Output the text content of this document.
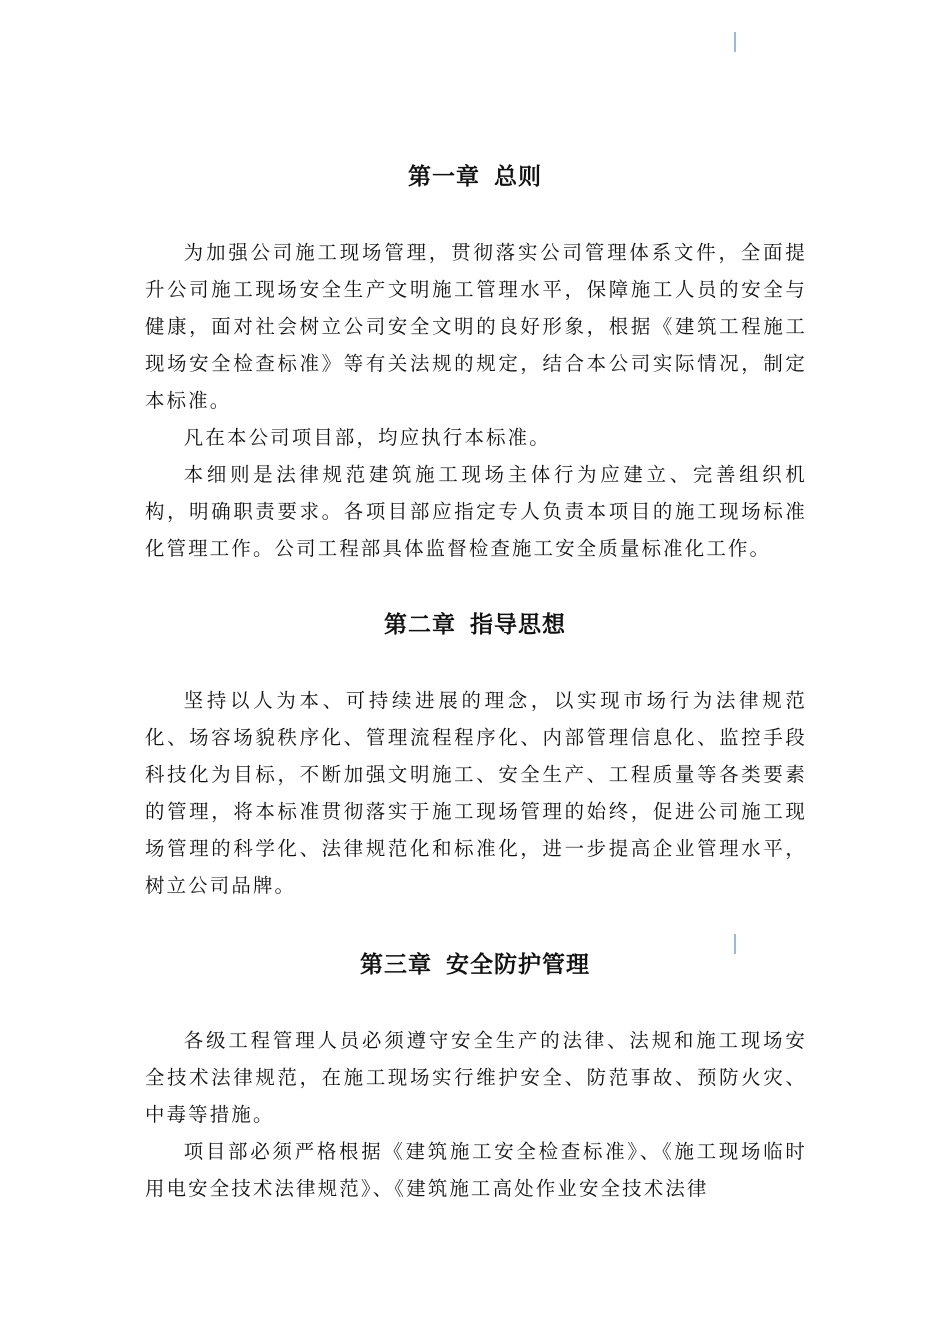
第一章 总则

为加强公司施工现场管理，贯彻落实公司管理体系文件，全面提升公司施工现场安全生产文明施工管理水平，保障施工人员的安全与健康，面对社会树立公司安全文明的良好形象，根据《建筑工程施工现场安全检查标准》等有关法规的规定，结合本公司实际情况，制定本标准。

凡在本公司项目部，均应执行本标准。

本细则是法律规范建筑施工现场主体行为应建立、完善组织机构，明确职责要求。各项目部应指定专人负责本项目的施工现场标准化管理工作。公司工程部具体监督检查施工安全质量标准化工作。

第二章 指导思想

坚持以人为本、可持续进展的理念，以实现市场行为法律规范化、场容场貌秩序化、管理流程程序化、内部管理信息化、监控手段科技化为目标，不断加强文明施工、安全生产、工程质量等各类要素的管理，将本标准贯彻落实于施工现场管理的始终，促进公司施工现场管理的科学化、法律规范化和标准化，进一步提高企业管理水平，树立公司品牌。

第三章 安全防护管理

各级工程管理人员必须遵守安全生产的法律、法规和施工现场安全技术法律规范，在施工现场实行维护安全、防范事故、预防火灾、中毒等措施。

项目部必须严格根据《建筑施工安全检查标准》、《施工现场临时用电安全技术法律规范》、《建筑施工高处作业安全技术法律
